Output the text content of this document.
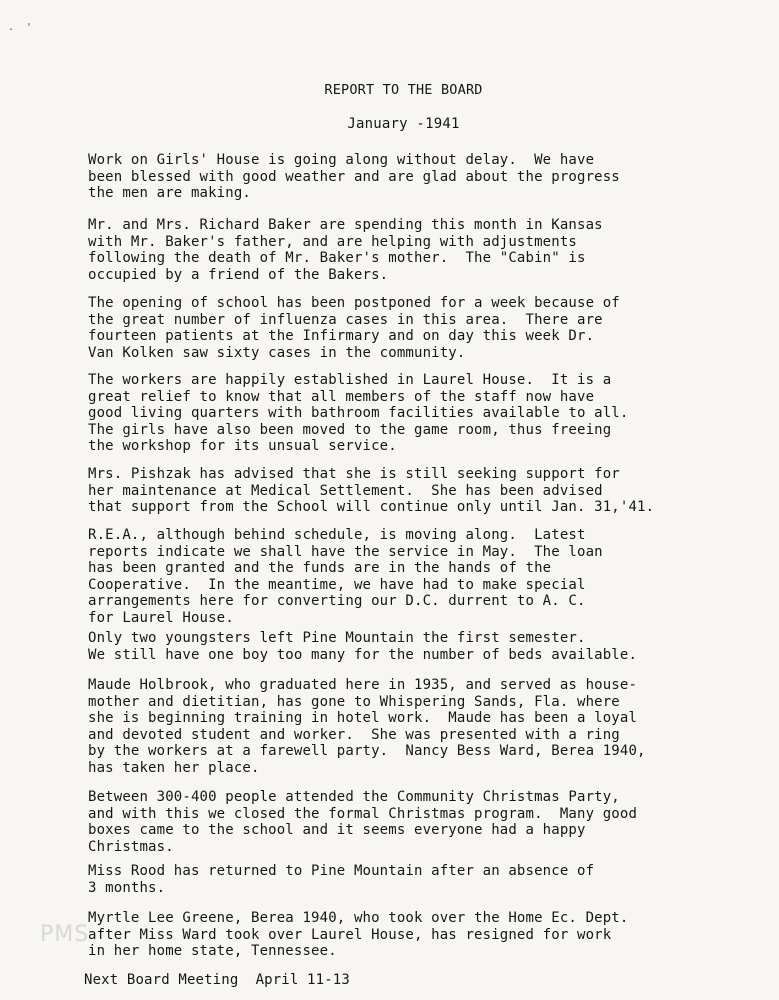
.  '
REPORT TO THE BOARD
January -1941

Work on Girls' House is going along without delay.  We have
been blessed with good weather and are glad about the progress
the men are making.

Mr. and Mrs. Richard Baker are spending this month in Kansas
with Mr. Baker's father, and are helping with adjustments
following the death of Mr. Baker's mother.  The "Cabin" is
occupied by a friend of the Bakers.

The opening of school has been postponed for a week because of
the great number of influenza cases in this area.  There are
fourteen patients at the Infirmary and on day this week Dr.
Van Kolken saw sixty cases in the community.

The workers are happily established in Laurel House.  It is a
great relief to know that all members of the staff now have
good living quarters with bathroom facilities available to all.
The girls have also been moved to the game room, thus freeing
the workshop for its unsual service.

Mrs. Pishzak has advised that she is still seeking support for
her maintenance at Medical Settlement.  She has been advised
that support from the School will continue only until Jan. 31,'41.

R.E.A., although behind schedule, is moving along.  Latest
reports indicate we shall have the service in May.  The loan
has been granted and the funds are in the hands of the
Cooperative.  In the meantime, we have had to make special
arrangements here for converting our D.C. durrent to A. C.
for Laurel House.

Only two youngsters left Pine Mountain the first semester.
We still have one boy too many for the number of beds available.

Maude Holbrook, who graduated here in 1935, and served as house-
mother and dietitian, has gone to Whispering Sands, Fla. where
she is beginning training in hotel work.  Maude has been a loyal
and devoted student and worker.  She was presented with a ring
by the workers at a farewell party.  Nancy Bess Ward, Berea 1940,
has taken her place.

Between 300-400 people attended the Community Christmas Party,
and with this we closed the formal Christmas program.  Many good
boxes came to the school and it seems everyone had a happy
Christmas.

Miss Rood has returned to Pine Mountain after an absence of
3 months.

Myrtle Lee Greene, Berea 1940, who took over the Home Ec. Dept.
after Miss Ward took over Laurel House, has resigned for work
in her home state, Tennessee.

Next Board Meeting  April 11-13
PMS
